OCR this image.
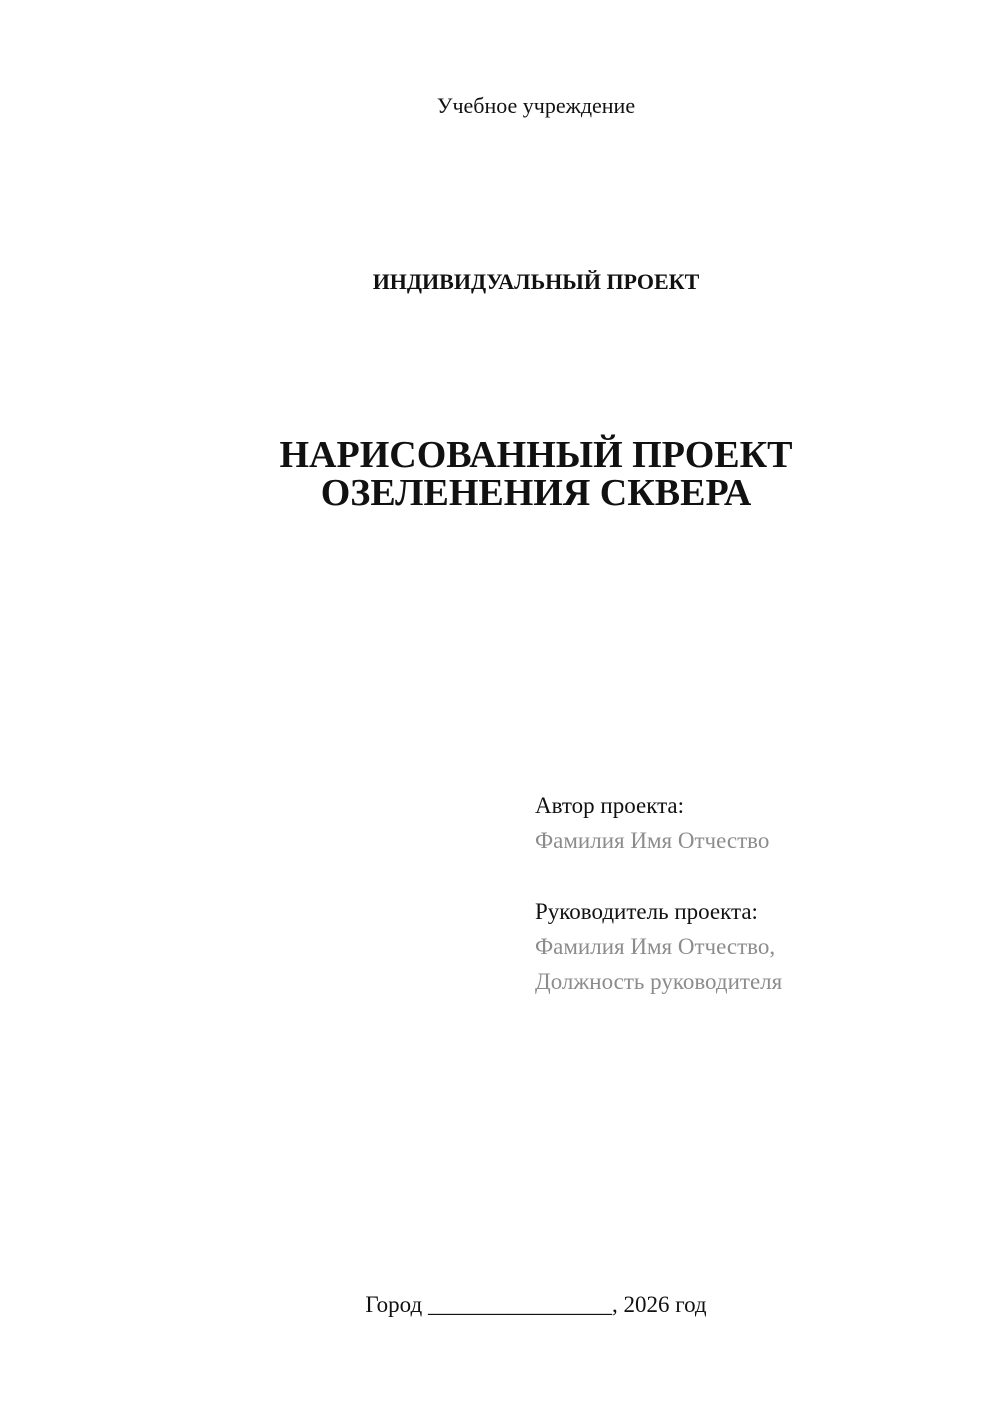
Учебное учреждение
ИНДИВИДУАЛЬНЫЙ ПРОЕКТ
НАРИСОВАННЫЙ ПРОЕКТ
ОЗЕЛЕНЕНИЯ СКВЕРА
Автор проекта:
Фамилия Имя Отчество
Руководитель проекта:
Фамилия Имя Отчество,
Должность руководителя
Город ________________, 2026 год
